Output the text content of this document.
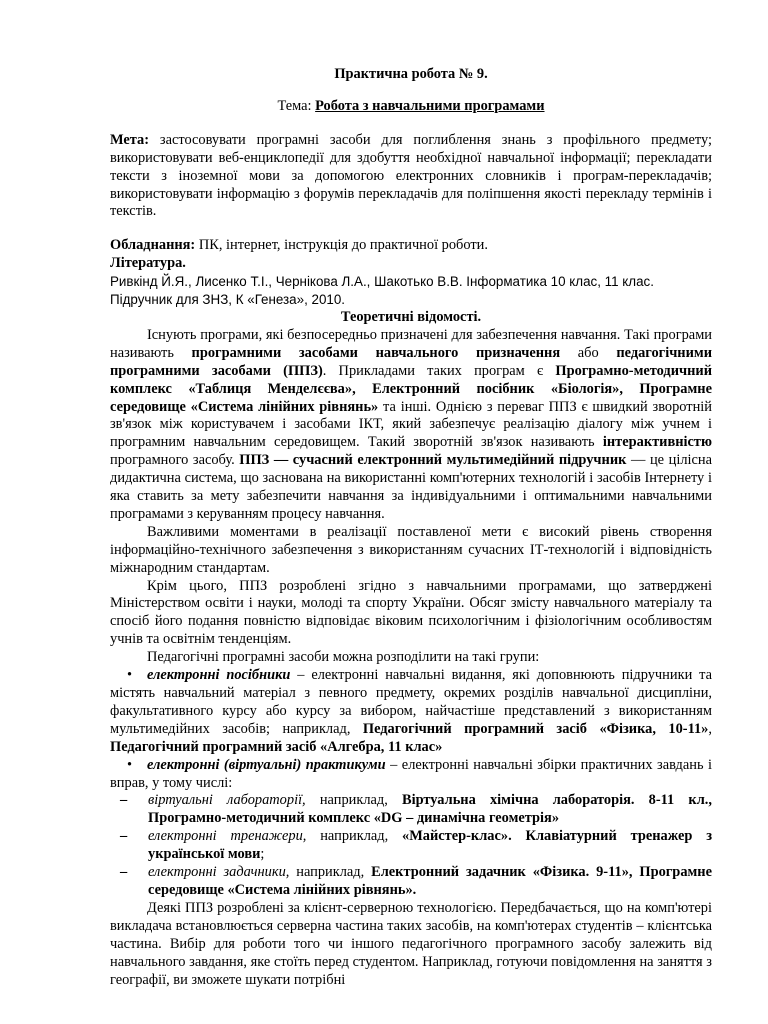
Практична робота № 9.

Тема: Робота з навчальними програмами

Мета: застосовувати програмні засоби для поглиблення знань з профільного предмету; використовувати веб-енциклопедії для здобуття необхідної навчальної інформації; перекладати тексти з іноземної мови за допомогою електронних словників і програм-перекладачів; використовувати інформацію з форумів перекладачів для поліпшення якості перекладу термінів і текстів.

Обладнання: ПК, інтернет, інструкція до практичної роботи.

Література.

Ривкінд Й.Я., Лисенко Т.І., Чернікова Л.А., Шакотько В.В. Інформатика 10 клас, 11 клас. Підручник для ЗНЗ, К «Генеза», 2010.

Теоретичні відомості.

Існують програми, які безпосередньо призначені для забезпечення навчання. Такі програми називають програмними засобами навчального призначення або педагогічними програмними засобами (ППЗ). Прикладами таких програм є Програмно-методичний комплекс «Таблиця Менделєєва», Електронний посібник «Біологія», Програмне середовище «Система лінійних рівнянь» та інші. Однією з переваг ППЗ є швидкий зворотній зв'язок між користувачем і засобами ІКТ, який забезпечує реалізацію діалогу між учнем і програмним навчальним середовищем. Такий зворотній зв'язок називають інтерактивністю програмного засобу. ППЗ — сучасний електронний мультимедійний підручник — це цілісна дидактична система, що заснована на використанні комп'ютерних технологій і засобів Інтернету і яка ставить за мету забезпечити навчання за індивідуальними і оптимальними навчальними програмами з керуванням процесу навчання.

Важливими моментами в реалізації поставленої мети є високий рівень створення інформаційно-технічного забезпечення з використанням сучасних ІТ-технологій і відповідність міжнародним стандартам.

Крім цього, ППЗ розроблені згідно з навчальними програмами, що затверджені Міністерством освіти і науки, молоді та спорту України. Обсяг змісту навчального матеріалу та спосіб його подання повністю відповідає віковим психологічним і фізіологічним особливостям учнів та освітнім тенденціям.

Педагогічні програмні засоби можна розподілити на такі групи:

• електронні посібники – електронні навчальні видання, які доповнюють підручники та містять навчальний матеріал з певного предмету, окремих розділів навчальної дисципліни, факультативного курсу або курсу за вибором, найчастіше представлений з використанням мультимедійних засобів; наприклад, Педагогічний програмний засіб «Фізика, 10-11», Педагогічний програмний засіб «Алгебра, 11 клас»

• електронні (віртуальні) практикуми – електронні навчальні збірки практичних завдань і вправ, у тому числі:

– віртуальні лабораторії, наприклад, Віртуальна хімічна лабораторія. 8-11 кл., Програмно-методичний комплекс «DG – динамічна геометрія»
– електронні тренажери, наприклад, «Майстер-клас». Клавіатурний тренажер з української мови;
– електронні задачники, наприклад, Електронний задачник «Фізика. 9-11», Програмне середовище «Система лінійних рівнянь».

Деякі ППЗ розроблені за клієнт-серверною технологією. Передбачається, що на комп'ютері викладача встановлюється серверна частина таких засобів, на комп'ютерах студентів – клієнтська частина. Вибір для роботи того чи іншого педагогічного програмного засобу залежить від навчального завдання, яке стоїть перед студентом. Наприклад, готуючи повідомлення на заняття з географії, ви зможете шукати потрібні
